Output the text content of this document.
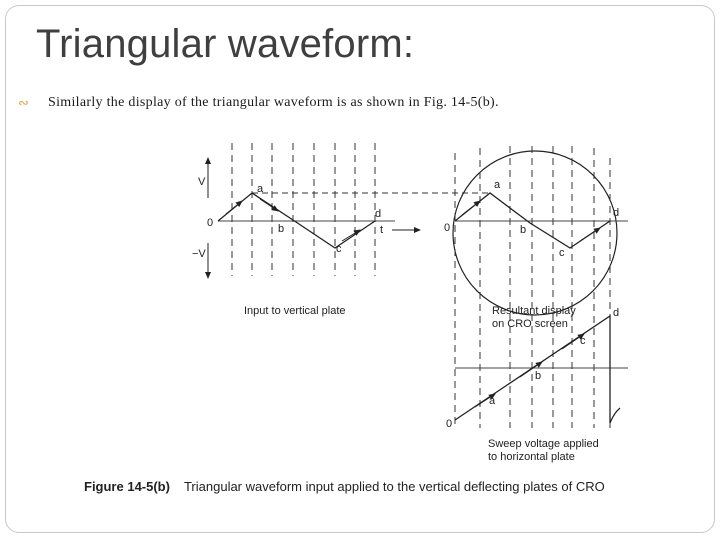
Triangular waveform:
∾	Similarly the display of the triangular waveform is as shown in Fig. 14-5(b).
V
−V
0
t
a
b
c
d
Input to vertical plate
0
a
b
c
d
Resultant display
on CRO screen
0
a
b
c
d
Sweep voltage applied
to horizontal plate
Figure 14-5(b) Triangular waveform input applied to the vertical deflecting plates of CRO
